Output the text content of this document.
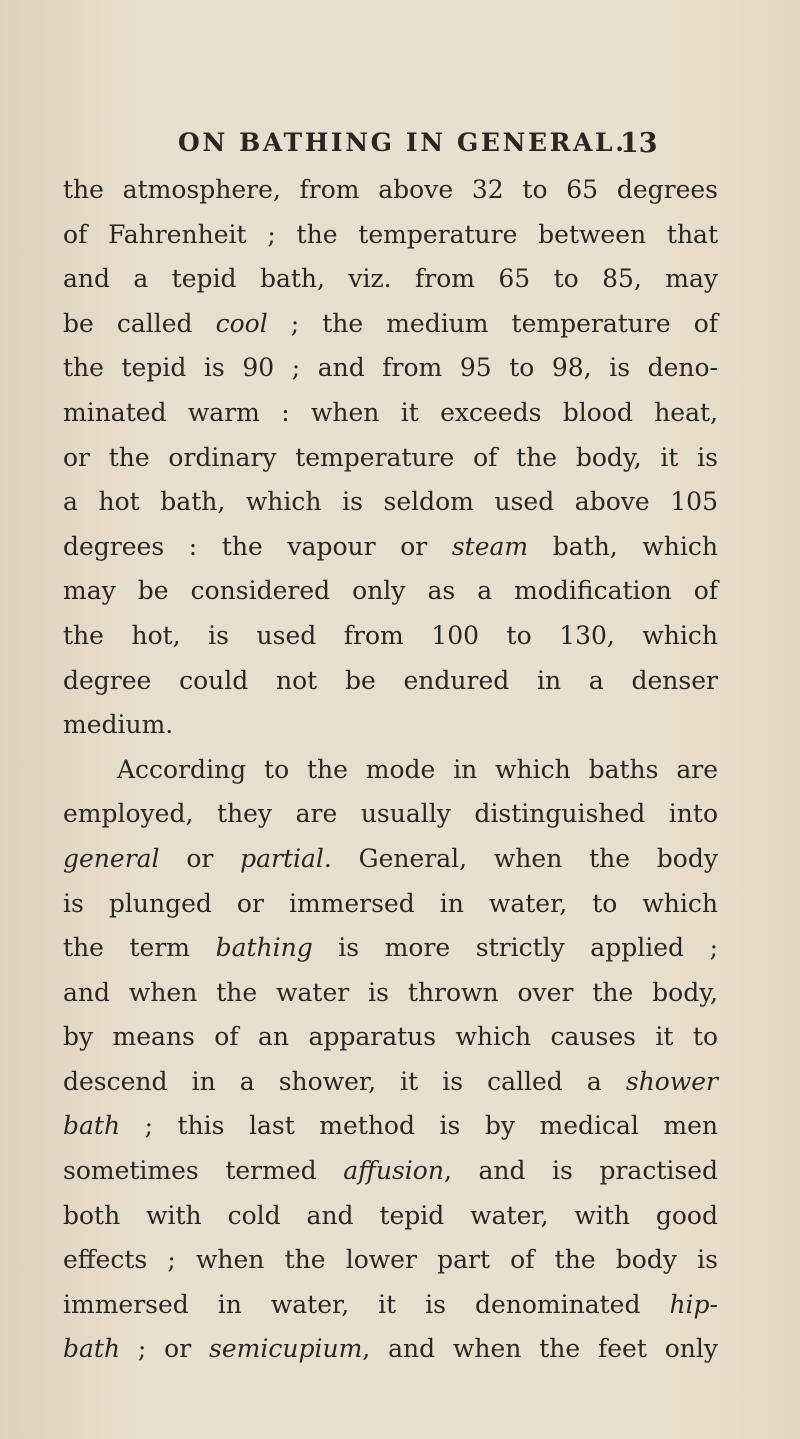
ON BATHING IN GENERAL.
13
the atmosphere, from above 32 to 65 degrees
of Fahrenheit ; the temperature between that
and a tepid bath, viz. from 65 to 85, may
be called cool ; the medium temperature of
the tepid is 90 ; and from 95 to 98, is deno-
minated warm : when it exceeds blood heat,
or the ordinary temperature of the body, it is
a hot bath, which is seldom used above 105
degrees : the vapour or steam bath, which
may be considered only as a modification of
the hot, is used from 100 to 130, which
degree could not be endured in a denser
medium.
According to the mode in which baths are
employed, they are usually distinguished into
general or partial. General, when the body
is plunged or immersed in water, to which
the term bathing is more strictly applied ;
and when the water is thrown over the body,
by means of an apparatus which causes it to
descend in a shower, it is called a shower
bath ; this last method is by medical men
sometimes termed affusion, and is practised
both with cold and tepid water, with good
effects ; when the lower part of the body is
immersed in water, it is denominated hip-
bath ; or semicupium, and when the feet only
